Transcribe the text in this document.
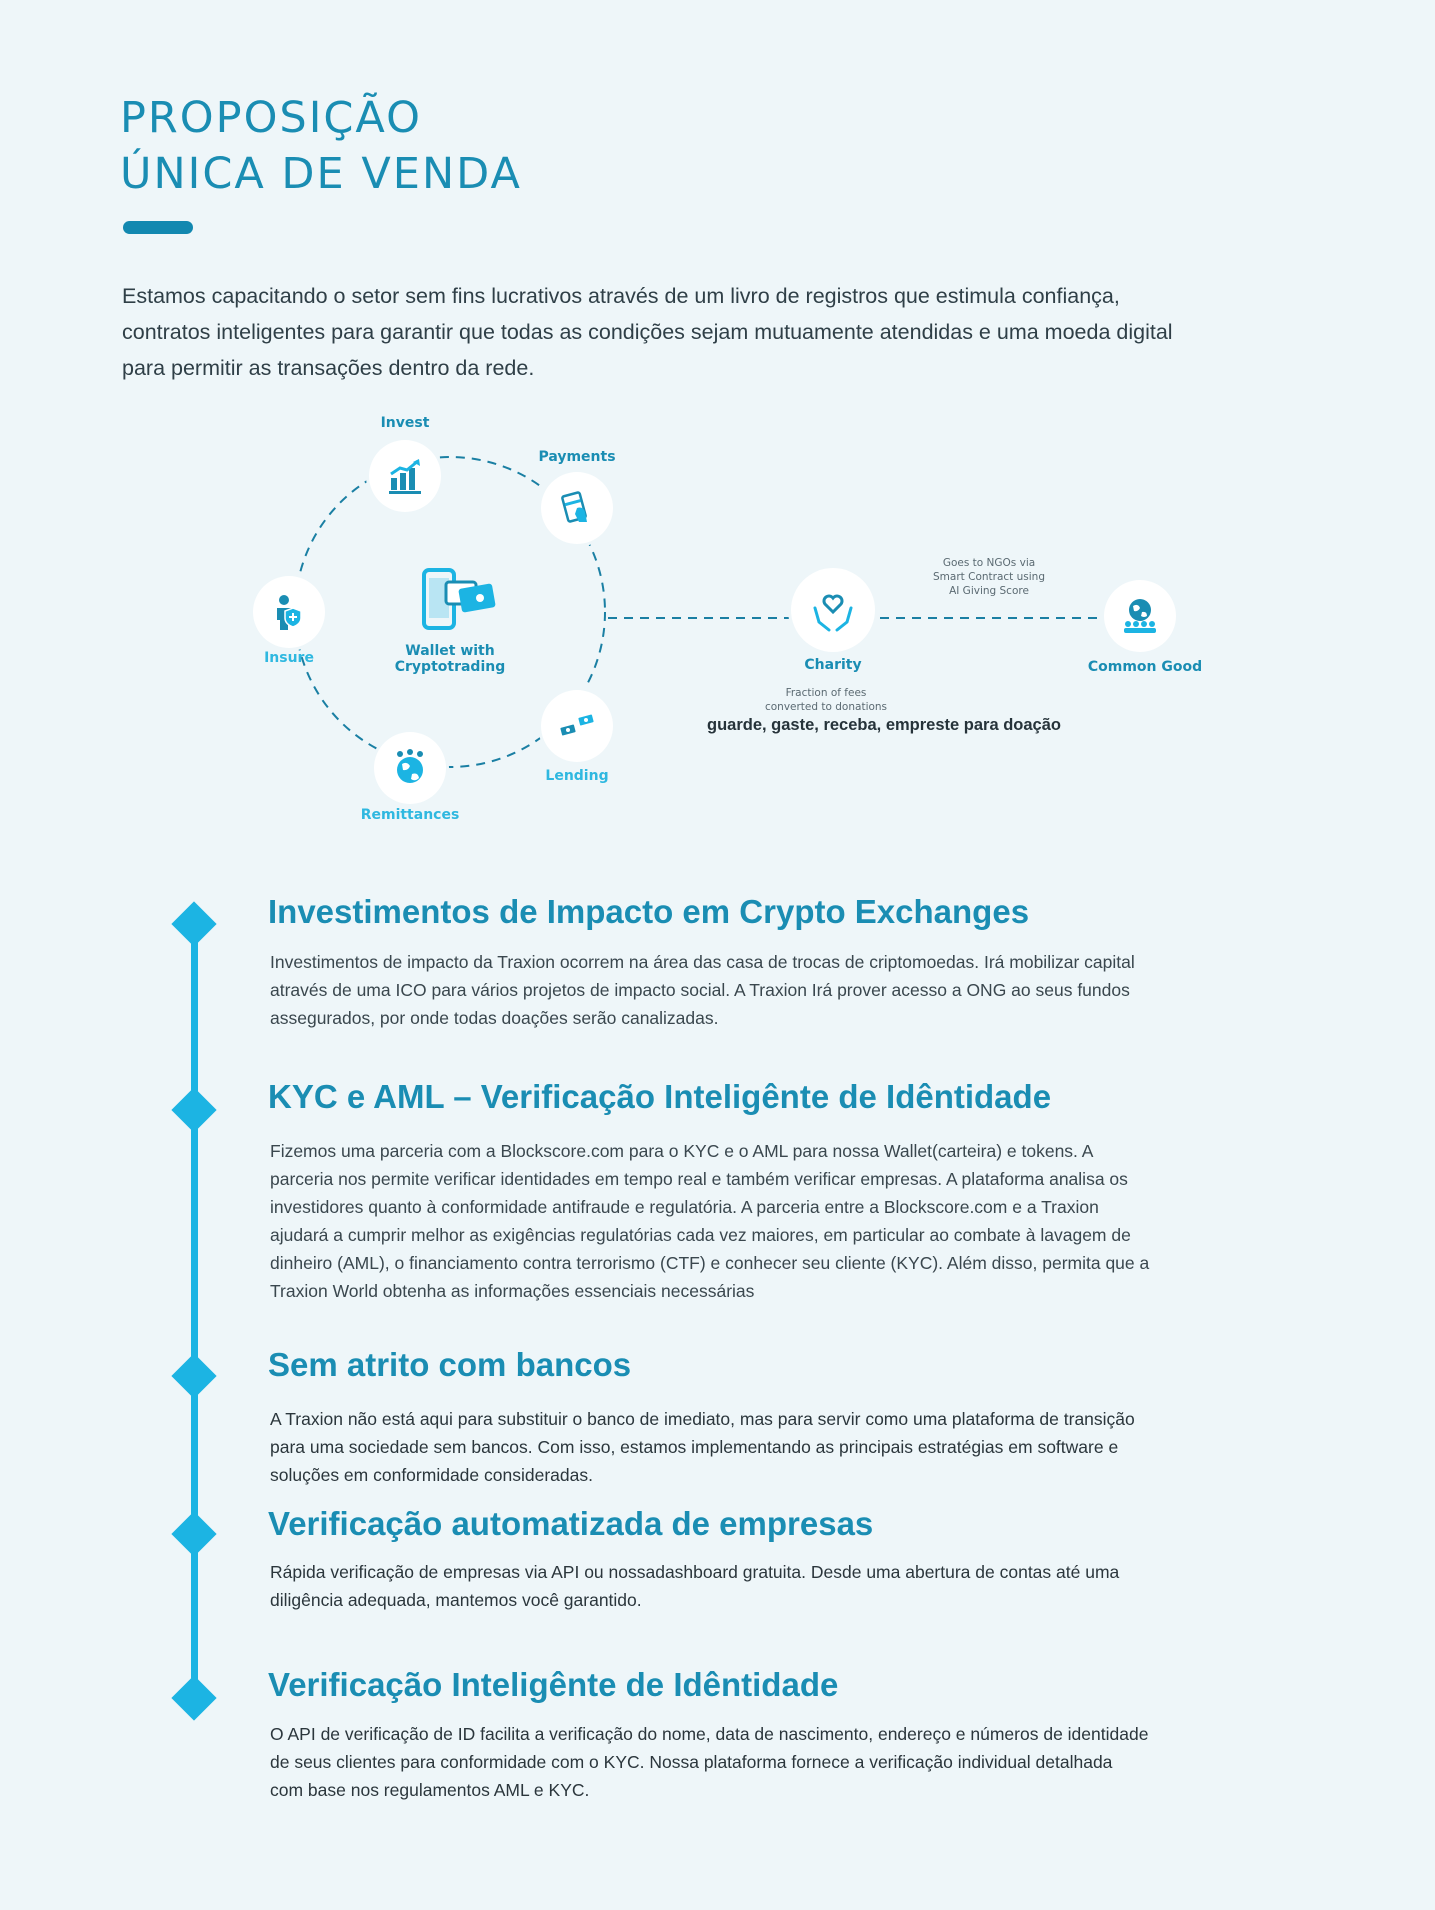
PROPOSIÇÃO
ÚNICA DE VENDA

Estamos capacitando o setor sem fins lucrativos através de um livro de registros que estimula confiança, contratos inteligentes para garantir que todas as condições sejam mutuamente atendidas e uma moeda digital para permitir as transações dentro da rede.

Wallet with
Cryptotrading
Invest
Payments
Insure
Remittances
Lending
Charity
Fraction of fees
converted to donations
guarde, gaste, receba, empreste para doação
Goes to NGOs via
Smart Contract using
AI Giving Score
Common Good
Investimentos de Impacto em Crypto Exchanges

Investimentos de impacto da Traxion ocorrem na área das casa de trocas de criptomoedas. Irá mobilizar capital através de uma ICO para vários projetos de impacto social. A Traxion Irá prover acesso a ONG ao seus fundos assegurados, por onde todas doações serão canalizadas.

KYC e AML – Verificação Inteligênte de Idêntidade

Fizemos uma parceria com a Blockscore.com para o KYC e o AML para nossa Wallet(carteira) e tokens. A parceria nos permite verificar identidades em tempo real e também verificar empresas. A plataforma analisa os investidores quanto à conformidade antifraude e regulatória. A parceria entre a Blockscore.com e a Traxion ajudará a cumprir melhor as exigências regulatórias cada vez maiores, em particular ao combate à lavagem de dinheiro (AML), o financiamento contra terrorismo (CTF) e conhecer seu cliente (KYC). Além disso, permita que a Traxion World obtenha as informações essenciais necessárias

Sem atrito com bancos

A Traxion não está aqui para substituir o banco de imediato, mas para servir como uma plataforma de transição para uma sociedade sem bancos. Com isso, estamos implementando as principais estratégias em software e soluções em conformidade consideradas.

Verificação automatizada de empresas

Rápida verificação de empresas via API ou nossadashboard gratuita. Desde uma abertura de contas até uma diligência adequada, mantemos você garantido.

Verificação Inteligênte de Idêntidade

O API de verificação de ID facilita a verificação do nome, data de nascimento, endereço e números de identidade de seus clientes para conformidade com o KYC. Nossa plataforma fornece a verificação individual detalhada com base nos regulamentos AML e KYC.
